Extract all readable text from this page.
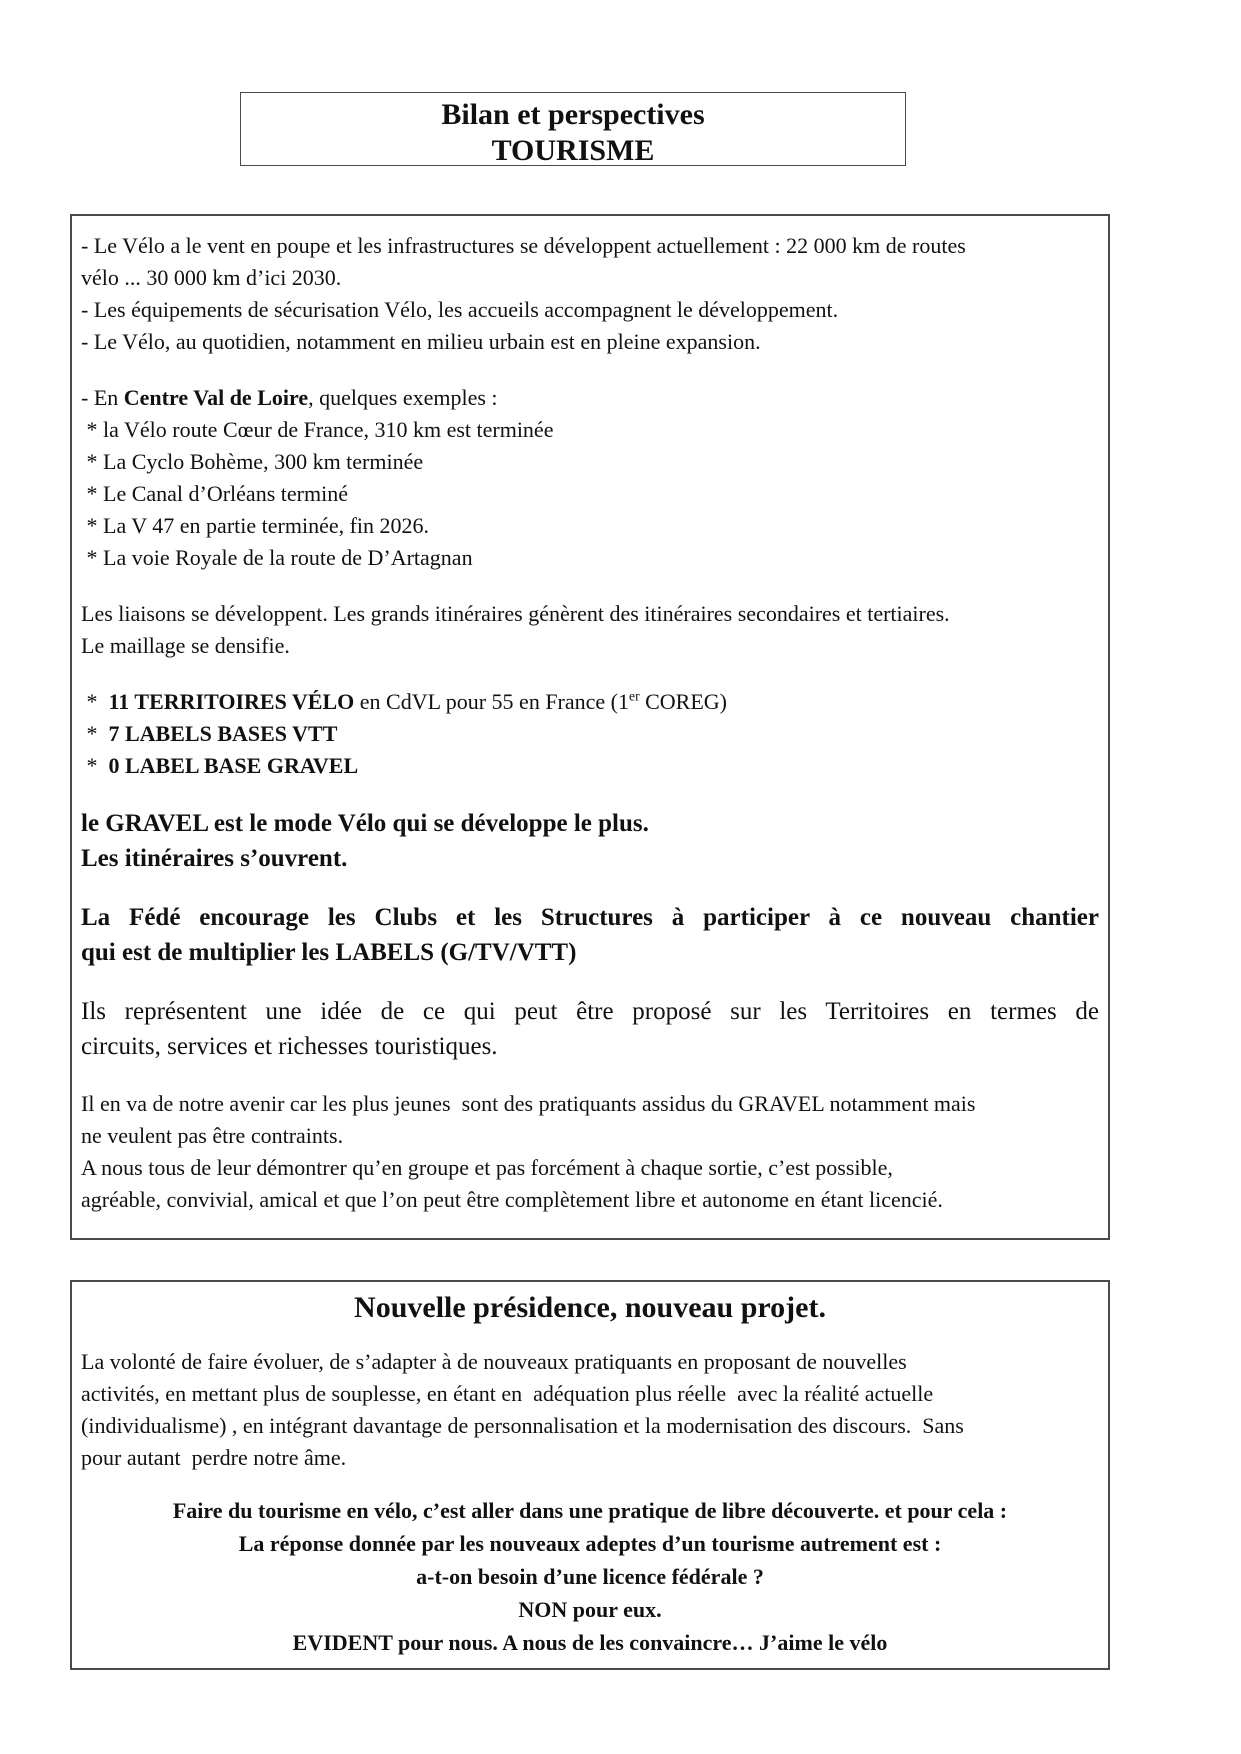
Bilan et perspectives
TOURISME
- Le Vélo a le vent en poupe et les infrastructures se développent actuellement : 22 000 km de routes
vélo ... 30 000 km d’ici 2030.
- Les équipements de sécurisation Vélo, les accueils accompagnent le développement.
- Le Vélo, au quotidien, notamment en milieu urbain est en pleine expansion.
- En Centre Val de Loire, quelques exemples :
* la Vélo route Cœur de France, 310 km est terminée
* La Cyclo Bohème, 300 km terminée
* Le Canal d’Orléans terminé
* La V 47 en partie terminée, fin 2026.
* La voie Royale de la route de D’Artagnan
Les liaisons se développent. Les grands itinéraires génèrent des itinéraires secondaires et tertiaires.
Le maillage se densifie.
*  11 TERRITOIRES VÉLO en CdVL pour 55 en France (1er COREG)
*  7 LABELS BASES VTT
*  0 LABEL BASE GRAVEL
le GRAVEL est le mode Vélo qui se développe le plus.
Les itinéraires s’ouvrent.
La Fédé encourage les Clubs et les Structures à participer à ce nouveau chantier
qui est de multiplier les LABELS (G/TV/VTT)
Ils représentent une idée de ce qui peut être proposé sur les Territoires en termes de
circuits, services et richesses touristiques.
Il en va de notre avenir car les plus jeunes  sont des pratiquants assidus du GRAVEL notamment mais
ne veulent pas être contraints.
A nous tous de leur démontrer qu’en groupe et pas forcément à chaque sortie, c’est possible,
agréable, convivial, amical et que l’on peut être complètement libre et autonome en étant licencié.
Nouvelle présidence, nouveau projet.
La volonté de faire évoluer, de s’adapter à de nouveaux pratiquants en proposant de nouvelles
activités, en mettant plus de souplesse, en étant en  adéquation plus réelle  avec la réalité actuelle
(individualisme) , en intégrant davantage de personnalisation et la modernisation des discours.  Sans
pour autant  perdre notre âme.
Faire du tourisme en vélo, c’est aller dans une pratique de libre découverte. et pour cela :
La réponse donnée par les nouveaux adeptes d’un tourisme autrement est :
a-t-on besoin d’une licence fédérale ?
NON pour eux.
EVIDENT pour nous. A nous de les convaincre… J’aime le vélo
